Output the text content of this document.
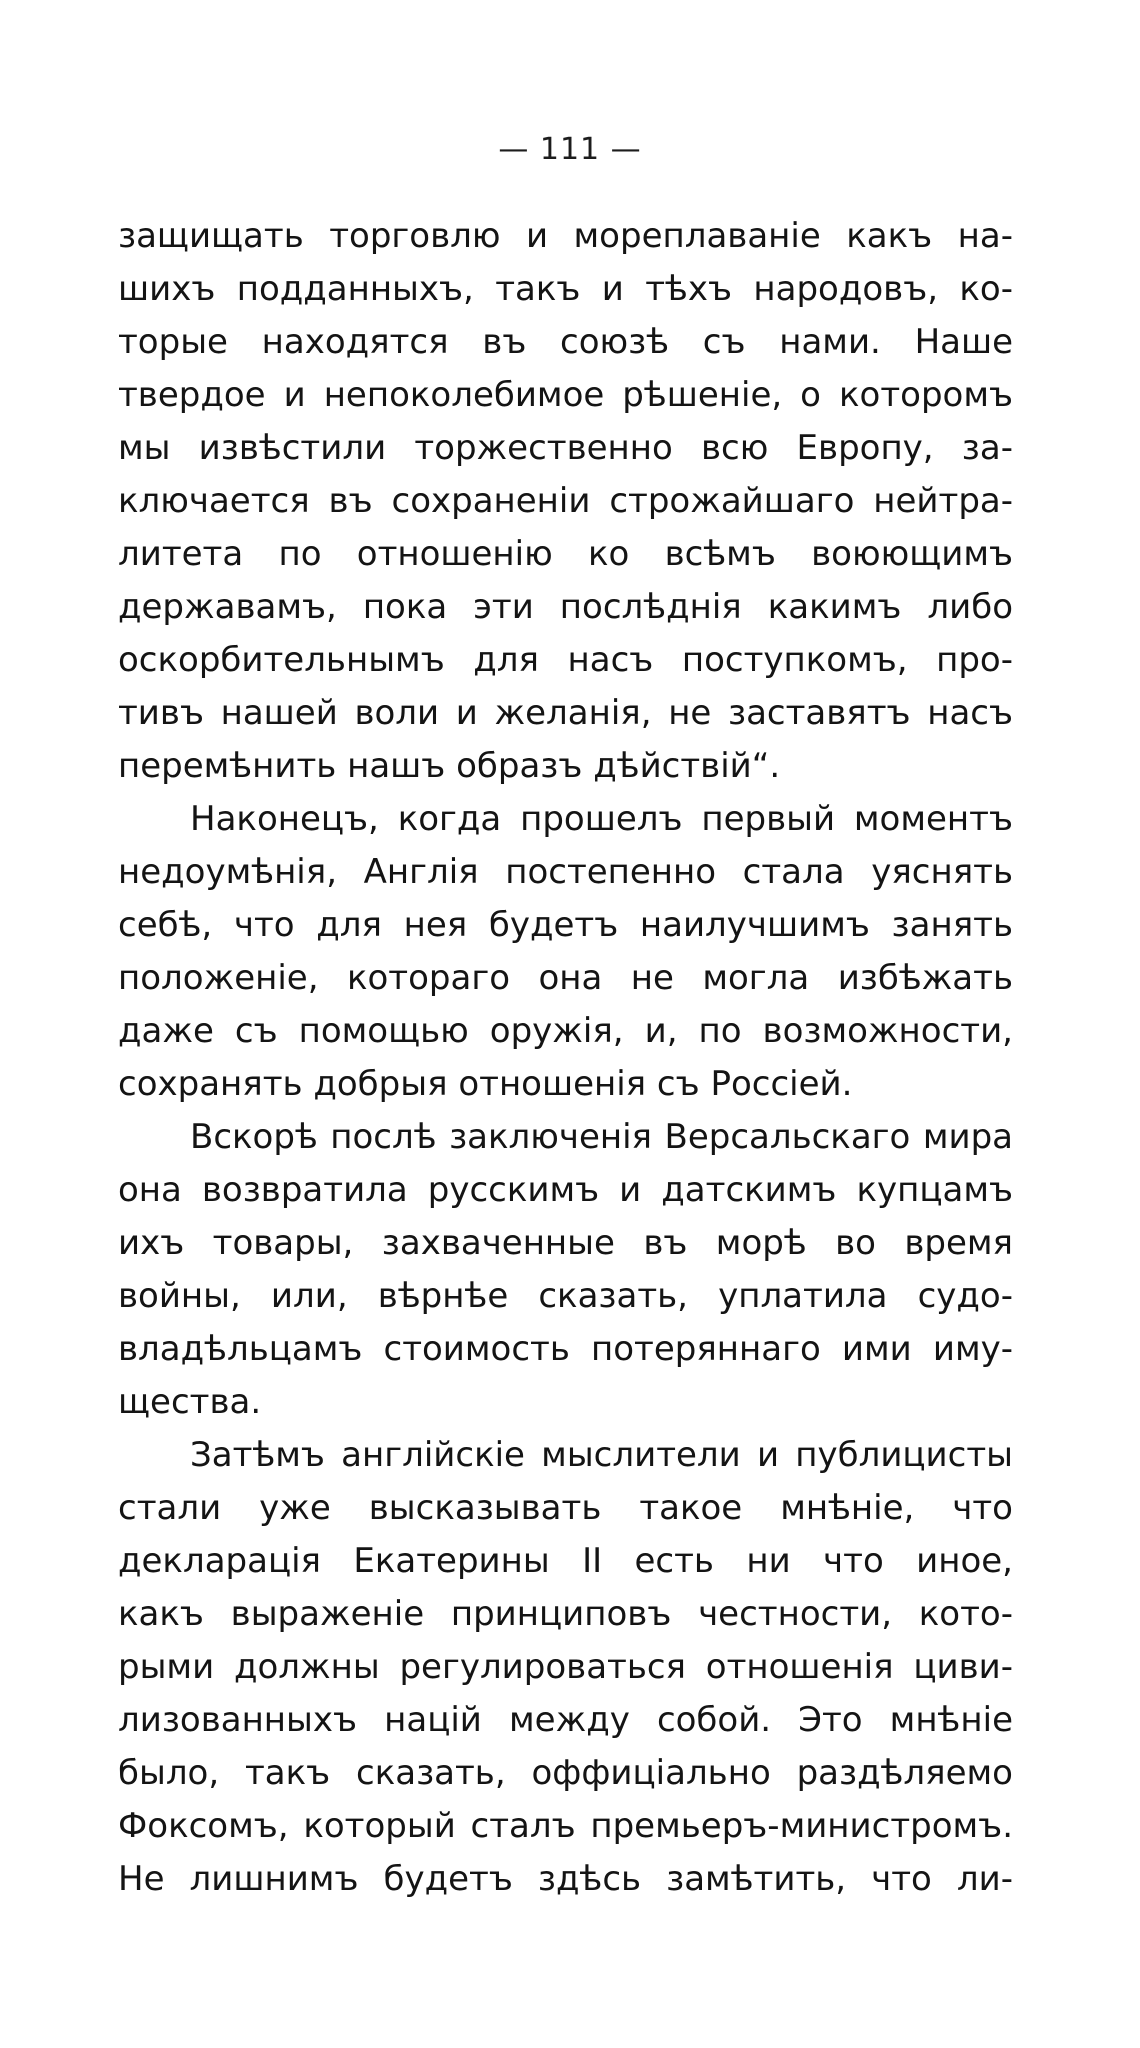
— 111 —
защищать торговлю и мореплаваніе какъ на-
шихъ подданныхъ, такъ и тѣхъ народовъ, ко-
торые находятся въ союзѣ съ нами. Наше
твердое и непоколебимое рѣшеніе, о которомъ
мы извѣстили торжественно всю Европу, за-
ключается въ сохраненіи строжайшаго нейтра-
литета по отношенію ко всѣмъ воюющимъ
державамъ, пока эти послѣднія какимъ либо
оскорбительнымъ для насъ поступкомъ, про-
тивъ нашей воли и желанія, не заставятъ насъ
перемѣнить нашъ образъ дѣйствій“.
Наконецъ, когда прошелъ первый моментъ
недоумѣнія, Англія постепенно стала уяснять
себѣ, что для нея будетъ наилучшимъ занять
положеніе, котораго она не могла избѣжать
даже съ помощью оружія, и, по возможности,
сохранять добрыя отношенія съ Россіей.
Вскорѣ послѣ заключенія Версальскаго мира
она возвратила русскимъ и датскимъ купцамъ
ихъ товары, захваченные въ морѣ во время
войны, или, вѣрнѣе сказать, уплатила судо-
владѣльцамъ стоимость потеряннаго ими иму-
щества.
Затѣмъ англійскіе мыслители и публицисты
стали уже высказывать такое мнѣніе, что
декларація Екатерины II есть ни что иное,
какъ выраженіе принциповъ честности, кото-
рыми должны регулироваться отношенія циви-
лизованныхъ націй между собой. Это мнѣніе
было, такъ сказать, оффиціально раздѣляемо
Фоксомъ, который сталъ премьеръ-министромъ.
Не лишнимъ будетъ здѣсь замѣтить, что ли-
